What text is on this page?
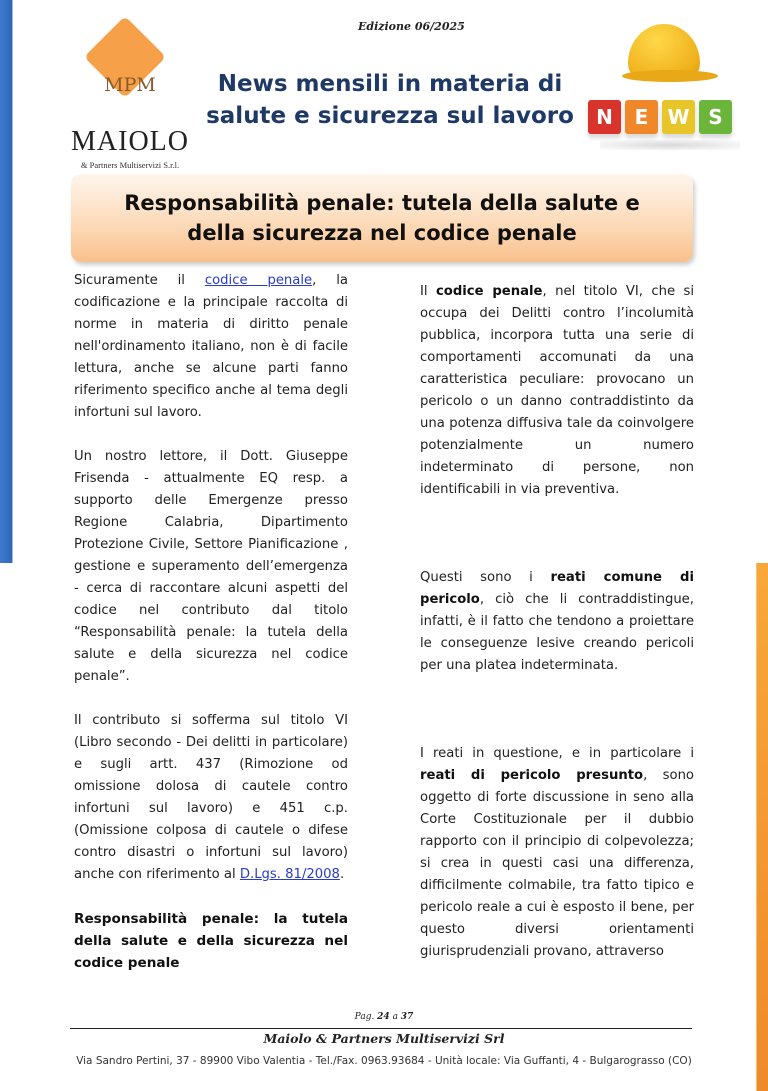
MPM
MAIOLO
& Partners Multiservizi S.r.l.
Edizione 06/2025
News mensili in materia di
salute e sicurezza sul lavoro	N	E W S
Responsabilità penale: tutela della salute e della sicurezza nel codice penale

Sicuramente il codice penale, la codificazione e la principale raccolta di norme in materia di diritto penale nell'ordinamento italiano, non è di facile lettura, anche se alcune parti fanno riferimento specifico anche al tema degli infortuni sul lavoro.

Un nostro lettore, il Dott. Giuseppe Frisenda - attualmente EQ resp. a supporto delle Emergenze presso Regione Calabria, Dipartimento Protezione Civile, Settore Pianificazione , gestione e superamento dell’emergenza - cerca di raccontare alcuni aspetti del codice nel contributo dal titolo “Responsabilità penale: la tutela della salute e della sicurezza nel codice penale”.

Il contributo si sofferma sul titolo VI (Libro secondo - Dei delitti in particolare) e sugli artt. 437 (Rimozione od omissione dolosa di cautele contro infortuni sul lavoro) e 451 c.p. (Omissione colposa di cautele o difese contro disastri o infortuni sul lavoro) anche con riferimento al D.Lgs. 81/2008.

Responsabilità penale: la tutela della salute e della sicurezza nel codice penale

Il codice penale, nel titolo VI, che si occupa dei Delitti contro l’incolumità pubblica, incorpora tutta una serie di comportamenti accomunati da una caratteristica peculiare: provocano un pericolo o un danno contraddistinto da una potenza diffusiva tale da coinvolgere potenzialmente un numero indeterminato di persone, non identificabili in via preventiva.

Questi sono i reati comune di pericolo, ciò che li contraddistingue, infatti, è il fatto che tendono a proiettare le conseguenze lesive creando pericoli per una platea indeterminata.

I reati in questione, e in particolare i reati di pericolo presunto, sono oggetto di forte discussione in seno alla Corte Costituzionale per il dubbio rapporto con il principio di colpevolezza; si crea in questi casi una differenza, difficilmente colmabile, tra fatto tipico e pericolo reale a cui è esposto il bene, per questo diversi orientamenti giurisprudenziali provano, attraverso

Pag. 24 a 37
Maiolo & Partners Multiservizi Srl
Via Sandro Pertini, 37 - 89900 Vibo Valentia - Tel./Fax. 0963.93684 - Unità locale: Via Guffanti, 4 - Bulgarograsso (CO)
